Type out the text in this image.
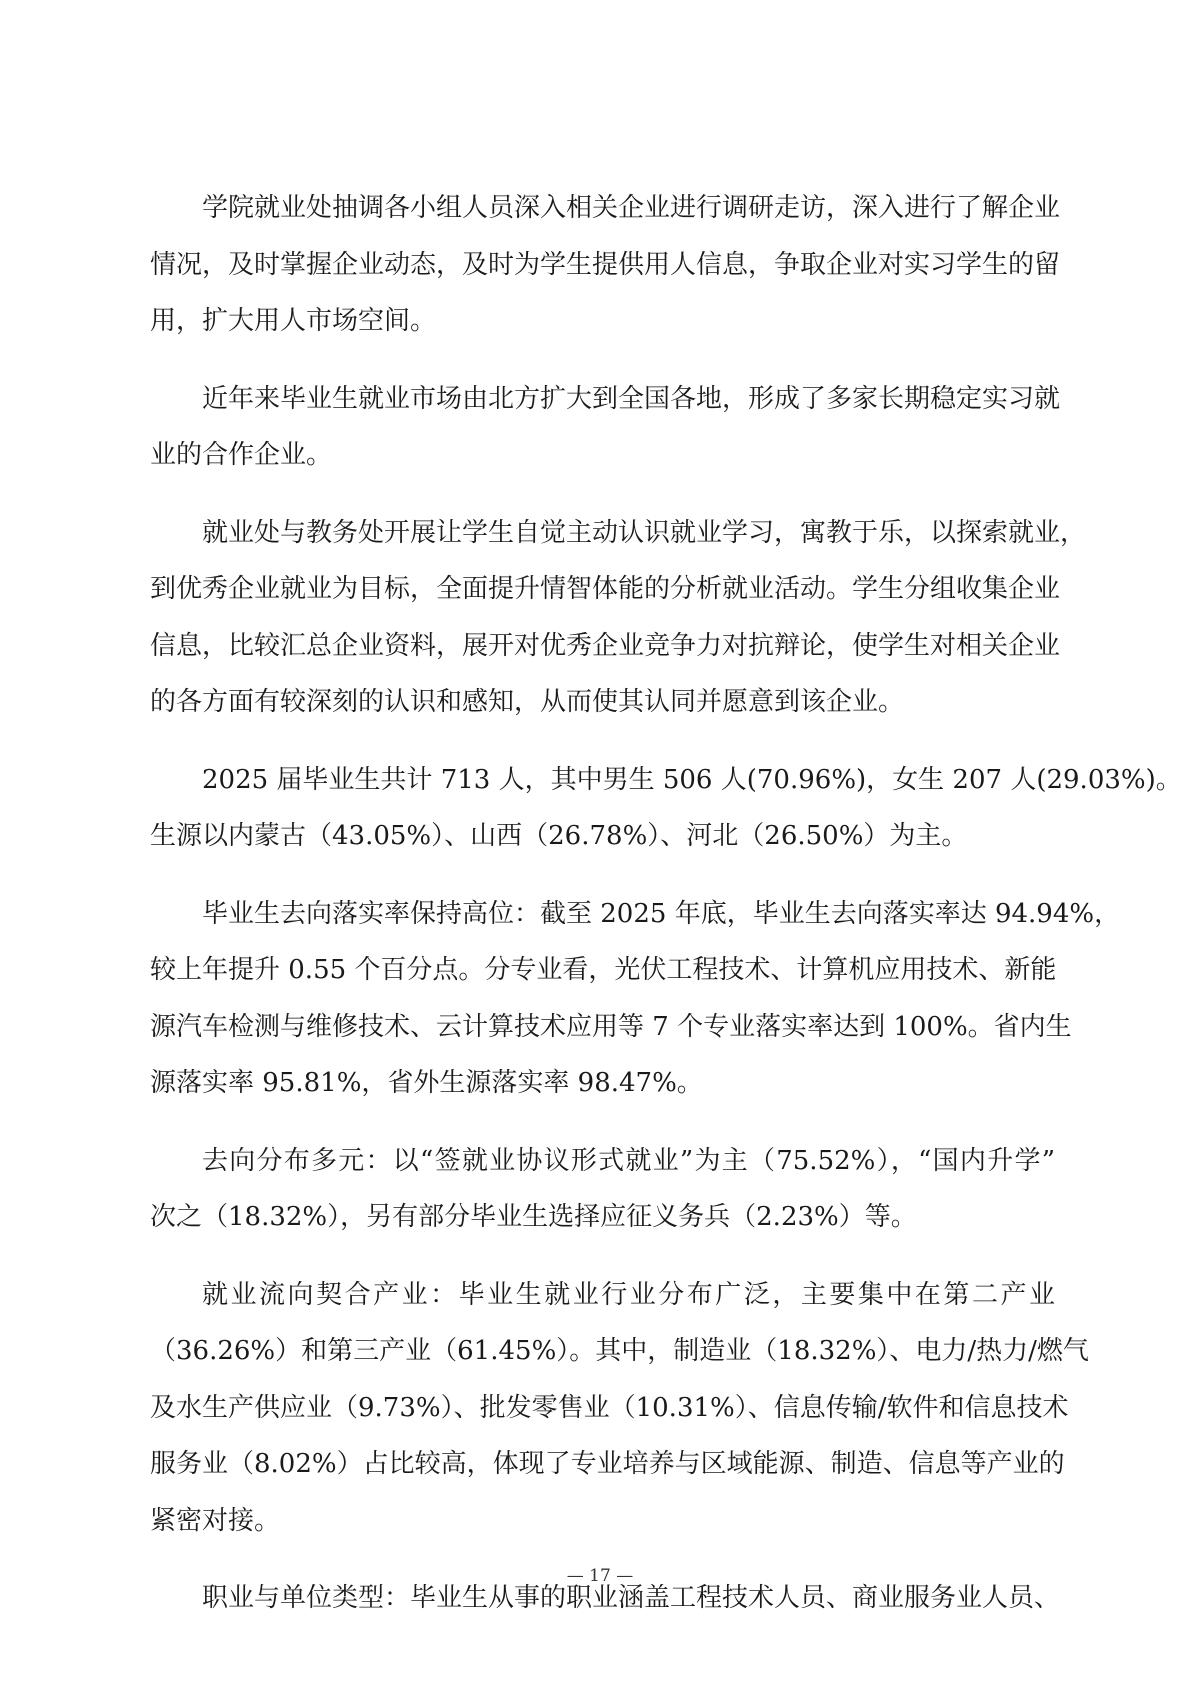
学院就业处抽调各小组人员深入相关企业进行调研走访，深入进行了解企业
情况，及时掌握企业动态，及时为学生提供用人信息，争取企业对实习学生的留
用，扩大用人市场空间。

近年来毕业生就业市场由北方扩大到全国各地，形成了多家长期稳定实习就
业的合作企业。

就业处与教务处开展让学生自觉主动认识就业学习，寓教于乐，以探索就业，
到优秀企业就业为目标，全面提升情智体能的分析就业活动。学生分组收集企业
信息，比较汇总企业资料，展开对优秀企业竞争力对抗辩论，使学生对相关企业
的各方面有较深刻的认识和感知，从而使其认同并愿意到该企业。

2025 届毕业生共计 713 人，其中男生 506 人(70.96%)，女生 207 人(29.03%)。
生源以内蒙古（43.05%）、山西（26.78%）、河北（26.50%）为主。

毕业生去向落实率保持高位：截至 2025 年底，毕业生去向落实率达 94.94%，
较上年提升 0.55 个百分点。分专业看，光伏工程技术、计算机应用技术、新能
源汽车检测与维修技术、云计算技术应用等 7 个专业落实率达到 100%。省内生
源落实率 95.81%，省外生源落实率 98.47%。

去向分布多元：以“签就业协议形式就业”为主（75.52%），“国内升学”
次之（18.32%），另有部分毕业生选择应征义务兵（2.23%）等。

就业流向契合产业：毕业生就业行业分布广泛，主要集中在第二产业
（36.26%）和第三产业（61.45%）。其中，制造业（18.32%）、电力/热力/燃气
及水生产供应业（9.73%）、批发零售业（10.31%）、信息传输/软件和信息技术
服务业（8.02%）占比较高，体现了专业培养与区域能源、制造、信息等产业的
紧密对接。

职业与单位类型：毕业生从事的职业涵盖工程技术人员、商业服务业人员、

— 17 —
